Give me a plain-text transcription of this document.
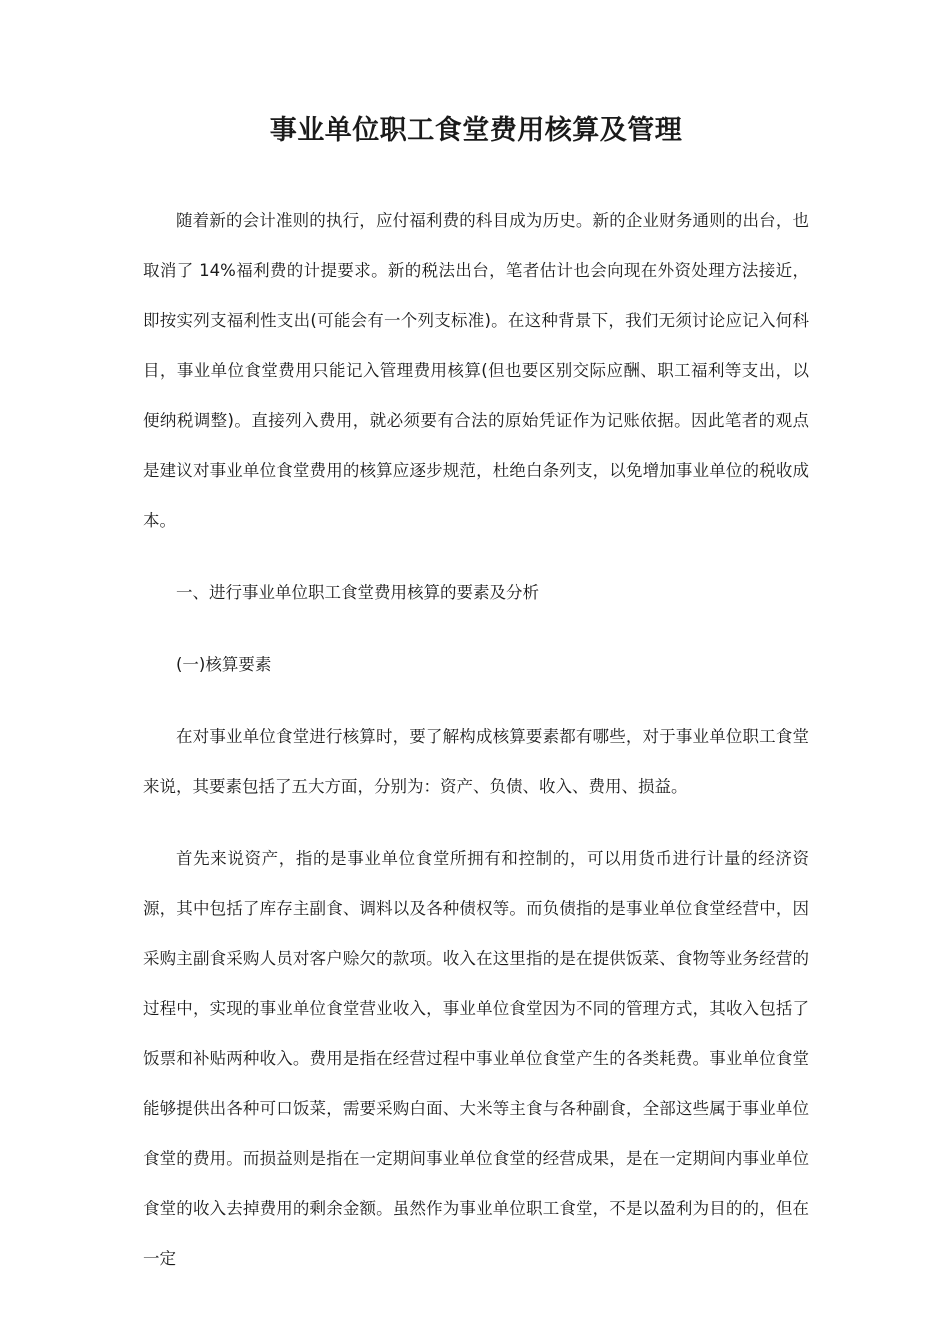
事业单位职工食堂费用核算及管理

随着新的会计准则的执行，应付福利费的科目成为历史。新的企业财务通则的出台，也取消了 14%福利费的计提要求。新的税法出台，笔者估计也会向现在外资处理方法接近，即按实列支福利性支出(可能会有一个列支标准)。在这种背景下，我们无须讨论应记入何科目，事业单位食堂费用只能记入管理费用核算(但也要区别交际应酬、职工福利等支出，以便纳税调整)。直接列入费用，就必须要有合法的原始凭证作为记账依据。因此笔者的观点是建议对事业单位食堂费用的核算应逐步规范，杜绝白条列支，以免增加事业单位的税收成本。

一、进行事业单位职工食堂费用核算的要素及分析

(一)核算要素

在对事业单位食堂进行核算时，要了解构成核算要素都有哪些，对于事业单位职工食堂来说，其要素包括了五大方面，分别为：资产、负债、收入、费用、损益。

首先来说资产，指的是事业单位食堂所拥有和控制的，可以用货币进行计量的经济资源，其中包括了库存主副食、调料以及各种债权等。而负债指的是事业单位食堂经营中，因采购主副食采购人员对客户赊欠的款项。收入在这里指的是在提供饭菜、食物等业务经营的过程中，实现的事业单位食堂营业收入，事业单位食堂因为不同的管理方式，其收入包括了饭票和补贴两种收入。费用是指在经营过程中事业单位食堂产生的各类耗费。事业单位食堂能够提供出各种可口饭菜，需要采购白面、大米等主食与各种副食，全部这些属于事业单位食堂的费用。而损益则是指在一定期间事业单位食堂的经营成果，是在一定期间内事业单位食堂的收入去掉费用的剩余金额。虽然作为事业单位职工食堂，不是以盈利为目的的，但在一定
